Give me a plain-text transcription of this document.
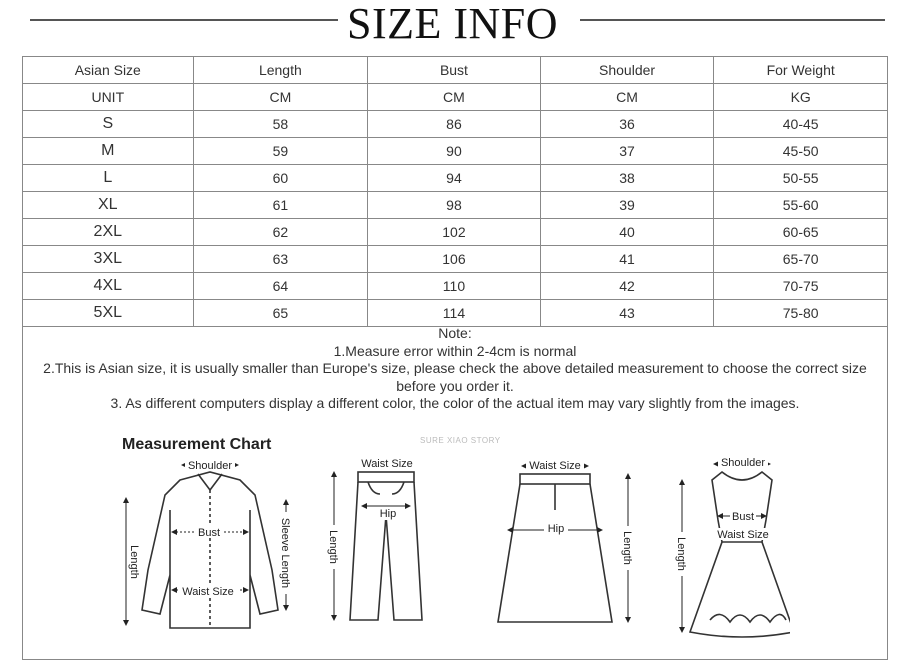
SIZE INFO
Asian Size	Length	Bust	Shoulder	For Weight
UNIT	CM	CM	CM	KG
S	58	86	36	40-45
M	59	90	37	45-50
L	60	94	38	50-55
XL	61	98	39	55-60
2XL	62	102	40	60-65
3XL	63	106	41	65-70
4XL	64	110	42	70-75
5XL	65	114	43	75-80
Note:
1.Measure error within 2-4cm is normal
2.This is Asian size, it is usually smaller than Europe's size, please check the above detailed measurement to choose the correct size
before you order it.
3. As different computers display a different color, the color of the actual item may vary slightly from the images.
Measurement Chart	SURE XIAO STORY
Shoulder
Bust
Waist Size
Length	Sleeve Length
Waist Size
Hip
Length
Waist Size
Hip
Length
Shoulder
Bust
Waist Size
Length
